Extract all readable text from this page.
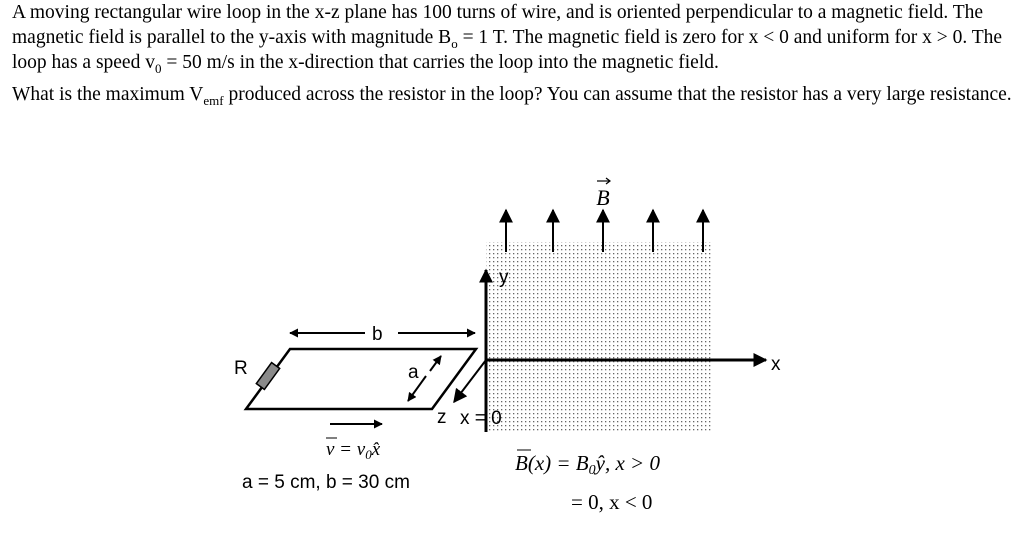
A moving rectangular wire loop in the x-z plane has 100 turns of wire, and is oriented perpendicular to a magnetic field. The magnetic field is parallel to the y-axis with magnitude $B_o = 1$ T. The magnetic field is zero for x < 0 and uniform for x > 0. The loop has a speed $v_0 = 50$ m/s in the x-direction that carries the loop into the magnetic field.

What is the maximum $V_{emf}$ produced across the resistor in the loop? You can assume that the resistor has a very large resistance.

B
y
x
z x = 0
R
b
a
$v = v_0x̂$
a = 5 cm, b = 30 cm
B(x) = B0ŷ, x > 0
= 0, x < 0
